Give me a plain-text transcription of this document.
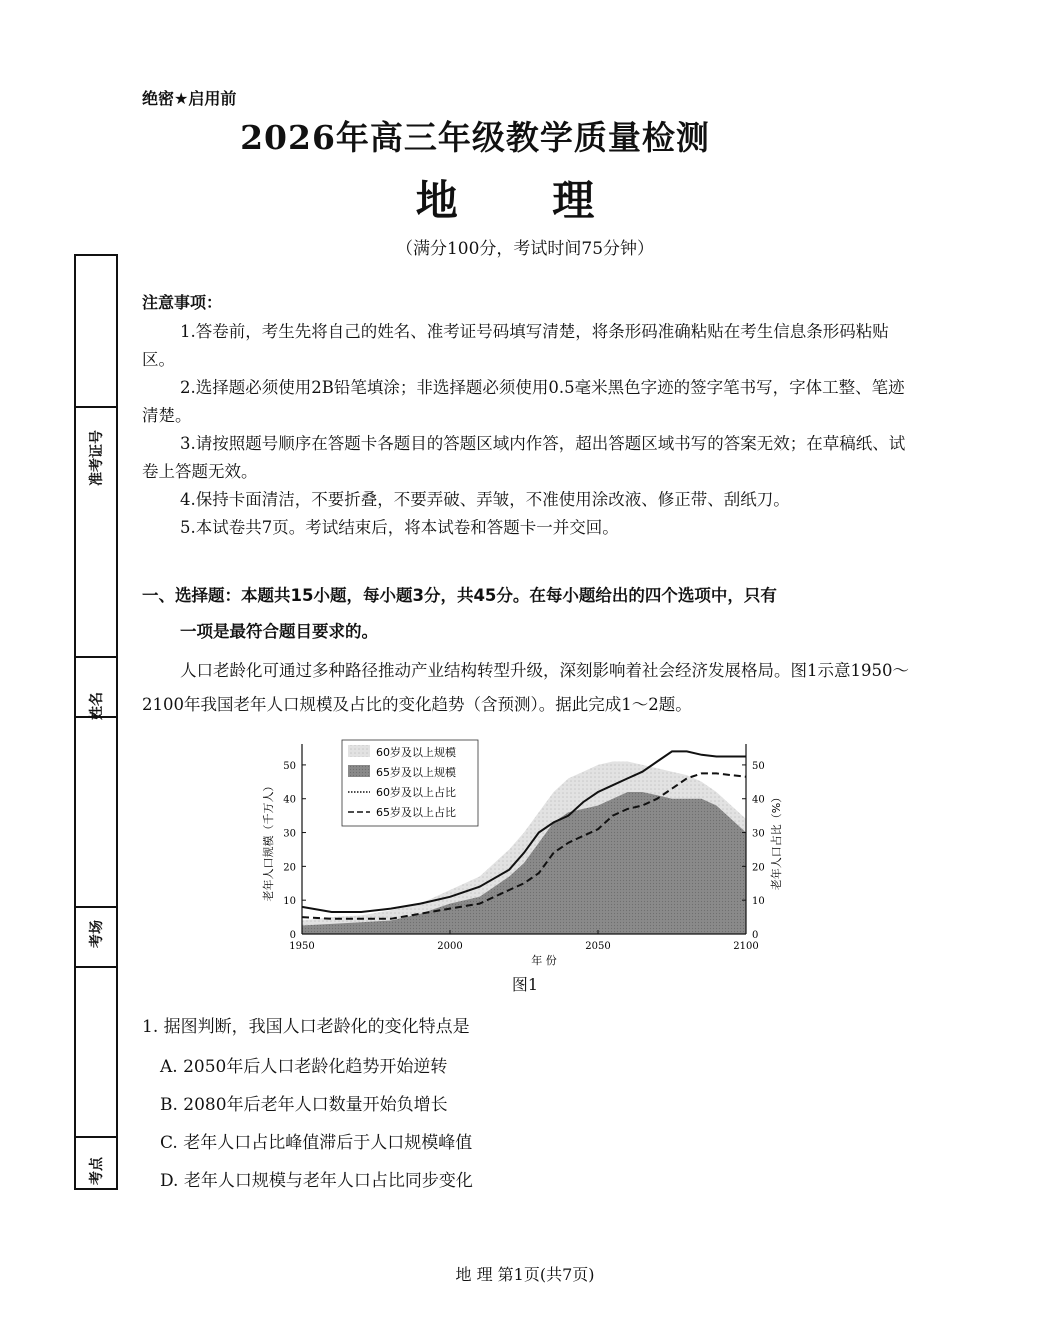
绝密★启用前
2026年高三年级教学质量检测
地 理
（满分100分，考试时间75分钟）
准考证号
姓名
考场
考点
注意事项：
1.答卷前，考生先将自己的姓名、准考证号码填写清楚，将条形码准确粘贴在考生信息条形码粘贴区。
2.选择题必须使用2B铅笔填涂；非选择题必须使用0.5毫米黑色字迹的签字笔书写，字体工整、笔迹清楚。
3.请按照题号顺序在答题卡各题目的答题区域内作答，超出答题区域书写的答案无效；在草稿纸、试卷上答题无效。
4.保持卡面清洁，不要折叠，不要弄破、弄皱，不准使用涂改液、修正带、刮纸刀。
5.本试卷共7页。考试结束后，将本试卷和答题卡一并交回。
一、选择题：本题共15小题，每小题3分，共45分。在每小题给出的四个选项中，只有
一项是最符合题目要求的。
人口老龄化可通过多种路径推动产业结构转型升级，深刻影响着社会经济发展格局。图1示意1950～2100年我国老年人口规模及占比的变化趋势（含预测）。据此完成1～2题。
0	0
10	10
20	20
30	30
40	40
50	50
1950	2000	2050	2100
年 份
老年人口规模（千万人）	老年人口占比（%）
60岁及以上规模
65岁及以上规模
60岁及以上占比
65岁及以上占比
图1
1. 据图判断，我国人口老龄化的变化特点是
A. 2050年后人口老龄化趋势开始逆转
B. 2080年后老年人口数量开始负增长
C. 老年人口占比峰值滞后于人口规模峰值
D. 老年人口规模与老年人口占比同步变化
地 理 第1页(共7页)
